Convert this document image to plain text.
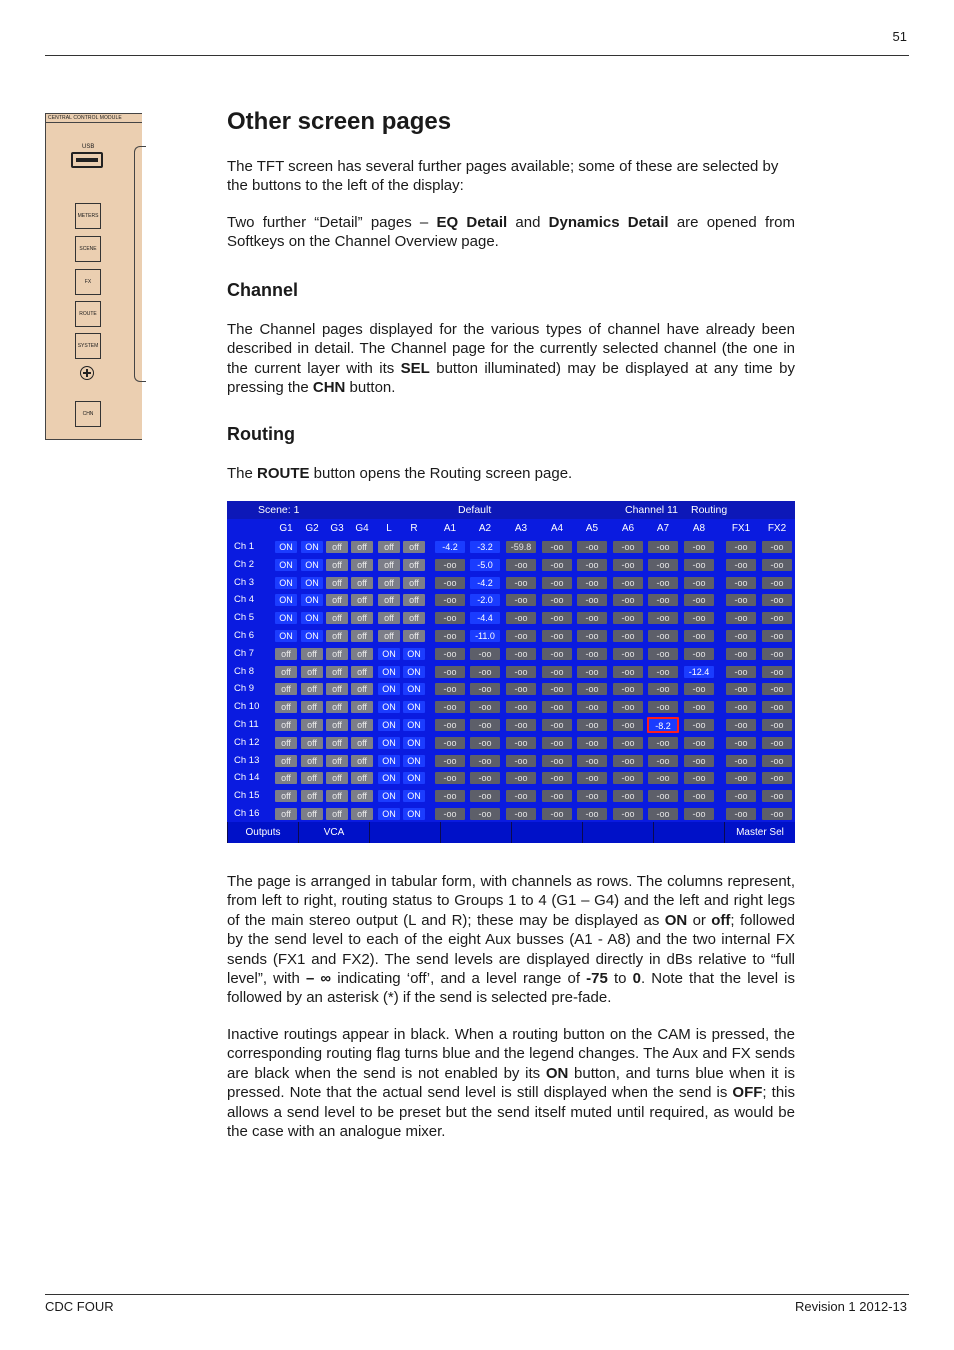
51
CENTRAL CONTROL MODULE
USB
METERS
SCENE
FX
ROUTE
SYSTEM
CHN
Other screen pages

The TFT screen has several further pages available; some of these are selected by the buttons to the left of the display:

Two further “Detail” pages – EQ Detail and Dynamics Detail are opened from Softkeys on the Channel Overview page.

Channel

The Channel pages displayed for the various types of channel have already been described in detail. The Channel page for the currently selected channel (the one in the current layer with its SEL button illuminated) may be displayed at any time by pressing the CHN button.

Routing

The ROUTE button opens the Routing screen page.

Scene: 1	Default	Channel 11 Routing
G1	G2	G3	G4	L	R	A1	A2	A3	A4	A5	A6	A7	A8	FX1	FX2
Ch 1	ON	ON	off	off	off	off	-4.2	-3.2	-59.8	-oo	-oo	-oo	-oo	-oo	-oo	-oo
Ch 2	ON	ON	off	off	off	off	-oo	-5.0	-oo	-oo	-oo	-oo	-oo	-oo	-oo	-oo
Ch 3	ON	ON	off	off	off	off	-oo	-4.2	-oo	-oo	-oo	-oo	-oo	-oo	-oo	-oo
Ch 4	ON	ON	off	off	off	off	-oo	-2.0	-oo	-oo	-oo	-oo	-oo	-oo	-oo	-oo
Ch 5	ON	ON	off	off	off	off	-oo	-4.4	-oo	-oo	-oo	-oo	-oo	-oo	-oo	-oo
Ch 6	ON	ON	off	off	off	off	-oo	-11.0	-oo	-oo	-oo	-oo	-oo	-oo	-oo	-oo
Ch 7	off	off	off	off	ON	ON	-oo	-oo	-oo	-oo	-oo	-oo	-oo	-oo	-oo	-oo
Ch 8	off	off	off	off	ON	ON	-oo	-oo	-oo	-oo	-oo	-oo	-oo	-12.4	-oo	-oo
Ch 9	off	off	off	off	ON	ON	-oo	-oo	-oo	-oo	-oo	-oo	-oo	-oo	-oo	-oo
Ch 10	off	off	off	off	ON	ON	-oo	-oo	-oo	-oo	-oo	-oo	-oo	-oo	-oo	-oo
Ch 11	off	off	off	off	ON	ON	-oo	-oo	-oo	-oo	-oo	-oo	-8.2	-oo	-oo	-oo
Ch 12	off	off	off	off	ON	ON	-oo	-oo	-oo	-oo	-oo	-oo	-oo	-oo	-oo	-oo
Ch 13	off	off	off	off	ON	ON	-oo	-oo	-oo	-oo	-oo	-oo	-oo	-oo	-oo	-oo
Ch 14	off	off	off	off	ON	ON	-oo	-oo	-oo	-oo	-oo	-oo	-oo	-oo	-oo	-oo
Ch 15	off	off	off	off	ON	ON	-oo	-oo	-oo	-oo	-oo	-oo	-oo	-oo	-oo	-oo
Ch 16	off	off	off	off	ON	ON	-oo	-oo	-oo	-oo	-oo	-oo	-oo	-oo	-oo	-oo
Outputs	VCA	Master Sel

The page is arranged in tabular form, with channels as rows. The columns represent, from left to right, routing status to Groups 1 to 4 (G1 – G4) and the left and right legs of the main stereo output (L and R); these may be displayed as ON or off; followed by the send level to each of the eight Aux busses (A1 - A8) and the two internal FX sends (FX1 and FX2). The send levels are displayed directly in dBs relative to “full level”, with – ∞ indicating ‘off’, and a level range of -75 to 0. Note that the level is followed by an asterisk (*) if the send is selected pre-fade.

Inactive routings appear in black. When a routing button on the CAM is pressed, the corresponding routing flag turns blue and the legend changes. The Aux and FX sends are black when the send is not enabled by its ON button, and turns blue when it is pressed. Note that the actual send level is still displayed when the send is OFF; this allows a send level to be preset but the send itself muted until required, as would be the case with an analogue mixer.

CDC FOUR	Revision 1 2012-13
